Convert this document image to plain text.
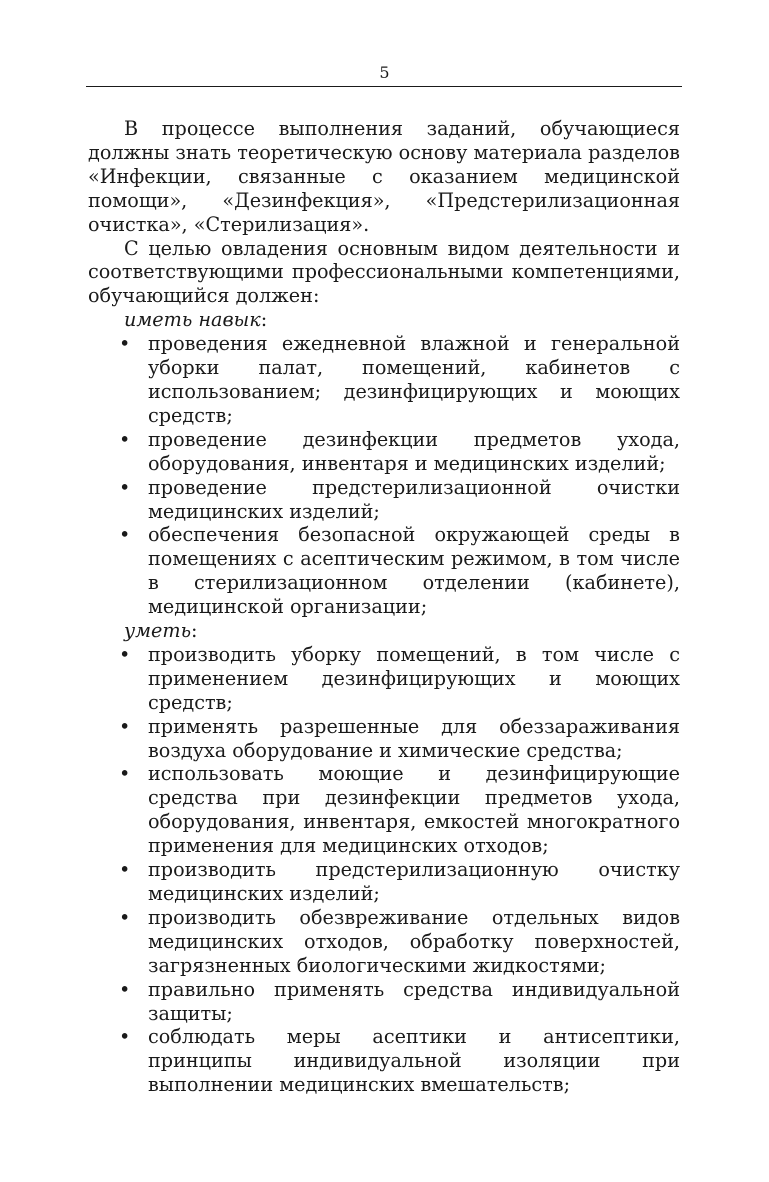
5

В процессе выполнения заданий, обучающиеся должны знать теоретическую основу материала разделов «Инфекции, связанные с оказанием медицинской помощи», «Дезинфекция», «Предстерилизационная очистка», «Стерилизация».

С целью овладения основным видом деятельности и соответствующими профессиональными компетенциями, обучающийся должен:

иметь навык:

• проведения ежедневной влажной и генеральной уборки палат, помещений, кабинетов с использованием; дезинфицирующих и моющих средств;
• проведение дезинфекции предметов ухода, оборудования, инвентаря и медицинских изделий;
• проведение предстерилизационной очистки медицинских изделий;
• обеспечения безопасной окружающей среды в помещениях с асептическим режимом, в том числе в стерилизационном отделении (кабинете), медицинской организации;

уметь:

• производить уборку помещений, в том числе с применением дезинфицирующих и моющих средств;
• применять разрешенные для обеззараживания воздуха оборудование и химические средства;
• использовать моющие и дезинфицирующие средства при дезинфекции предметов ухода, оборудования, инвентаря, емкостей многократного применения для медицинских отходов;
• производить предстерилизационную очистку медицинских изделий;
• производить обезвреживание отдельных видов медицинских отходов, обработку поверхностей, загрязненных биологическими жидкостями;
• правильно применять средства индивидуальной защиты;
• соблюдать меры асептики и антисептики, принципы индивидуальной изоляции при выполнении медицинских вмешательств;
